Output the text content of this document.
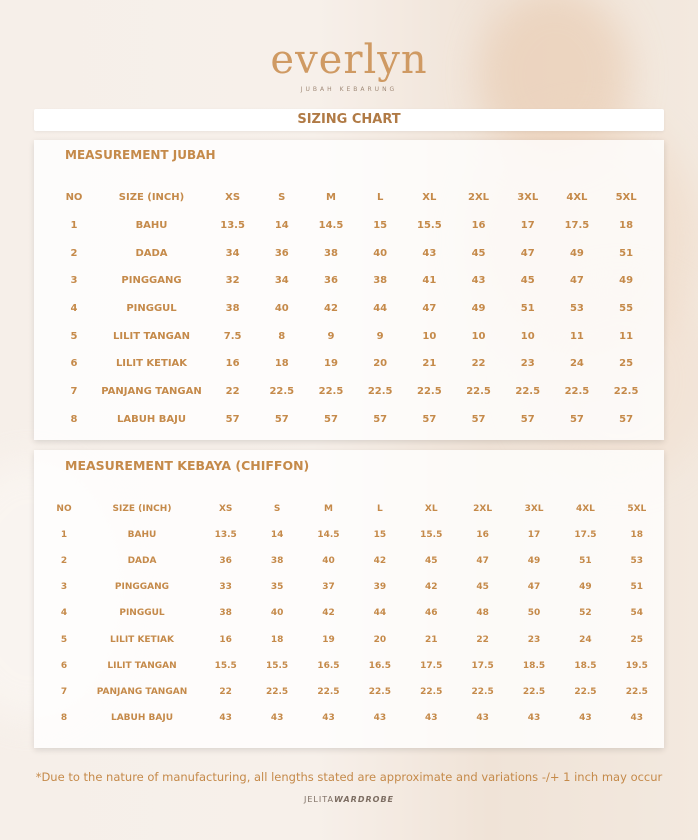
everlyn
JUBAH KEBARUNG
SIZING CHART
MEASUREMENT JUBAH
NO	SIZE (INCH)	XS	S	M	L	XL	2XL	3XL	4XL	5XL
1	BAHU	13.5	14	14.5	15	15.5	16	17	17.5	18
2	DADA	34	36	38	40	43	45	47	49	51
3	PINGGANG	32	34	36	38	41	43	45	47	49
4	PINGGUL	38	40	42	44	47	49	51	53	55
5	LILIT TANGAN	7.5	8	9	9	10	10	10	11	11
6	LILIT KETIAK	16	18	19	20	21	22	23	24	25
7	PANJANG TANGAN	22	22.5	22.5	22.5	22.5	22.5	22.5	22.5	22.5
8	LABUH BAJU	57	57	57	57	57	57	57	57	57
MEASUREMENT KEBAYA (CHIFFON)
NO	SIZE (INCH)	XS	S	M	L	XL	2XL	3XL	4XL	5XL
1	BAHU	13.5	14	14.5	15	15.5	16	17	17.5	18
2	DADA	36	38	40	42	45	47	49	51	53
3	PINGGANG	33	35	37	39	42	45	47	49	51
4	PINGGUL	38	40	42	44	46	48	50	52	54
5	LILIT KETIAK	16	18	19	20	21	22	23	24	25
6	LILIT TANGAN	15.5	15.5	16.5	16.5	17.5	17.5	18.5	18.5	19.5
7	PANJANG TANGAN	22	22.5	22.5	22.5	22.5	22.5	22.5	22.5	22.5
8	LABUH BAJU	43	43	43	43	43	43	43	43	43
*Due to the nature of manufacturing, all lengths stated are approximate and variations -/+ 1 inch may occur
JELITAWARDROBE
